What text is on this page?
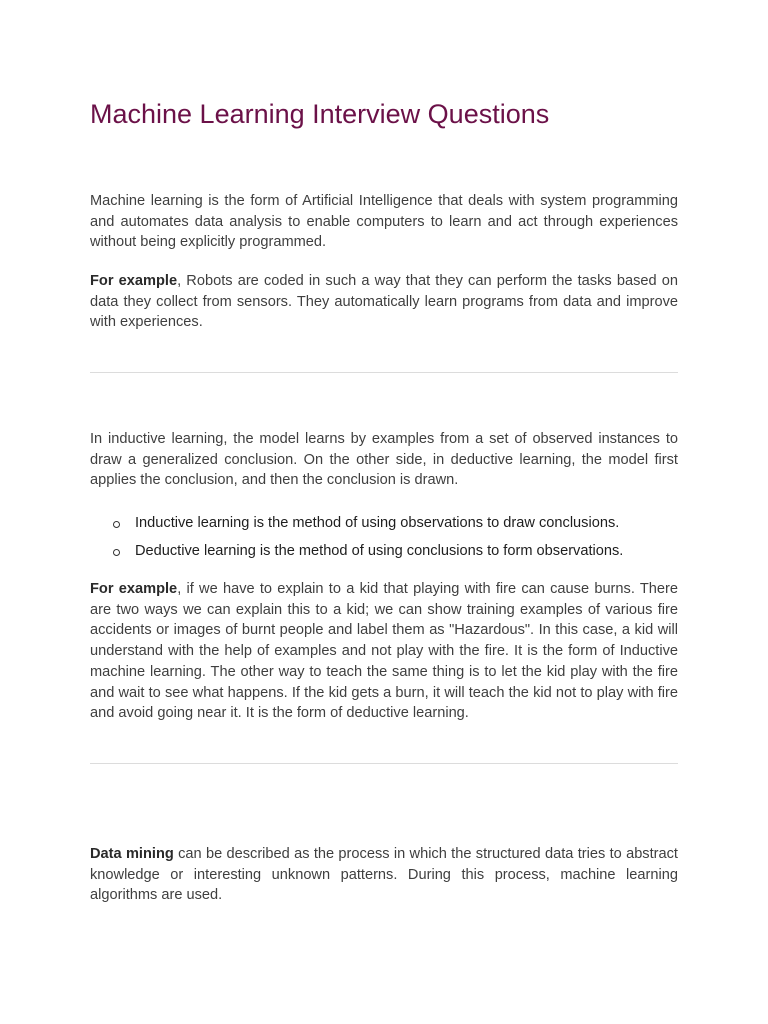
Machine Learning Interview Questions

Machine learning is the form of Artificial Intelligence that deals with system programming and automates data analysis to enable computers to learn and act through experiences without being explicitly programmed.

For example, Robots are coded in such a way that they can perform the tasks based on data they collect from sensors. They automatically learn programs from data and improve with experiences.

In inductive learning, the model learns by examples from a set of observed instances to draw a generalized conclusion. On the other side, in deductive learning, the model first applies the conclusion, and then the conclusion is drawn.

Inductive learning is the method of using observations to draw conclusions.
Deductive learning is the method of using conclusions to form observations.

For example, if we have to explain to a kid that playing with fire can cause burns. There are two ways we can explain this to a kid; we can show training examples of various fire accidents or images of burnt people and label them as "Hazardous". In this case, a kid will understand with the help of examples and not play with the fire. It is the form of Inductive machine learning. The other way to teach the same thing is to let the kid play with the fire and wait to see what happens. If the kid gets a burn, it will teach the kid not to play with fire and avoid going near it. It is the form of deductive learning.

Data mining can be described as the process in which the structured data tries to abstract knowledge or interesting unknown patterns. During this process, machine learning algorithms are used.
